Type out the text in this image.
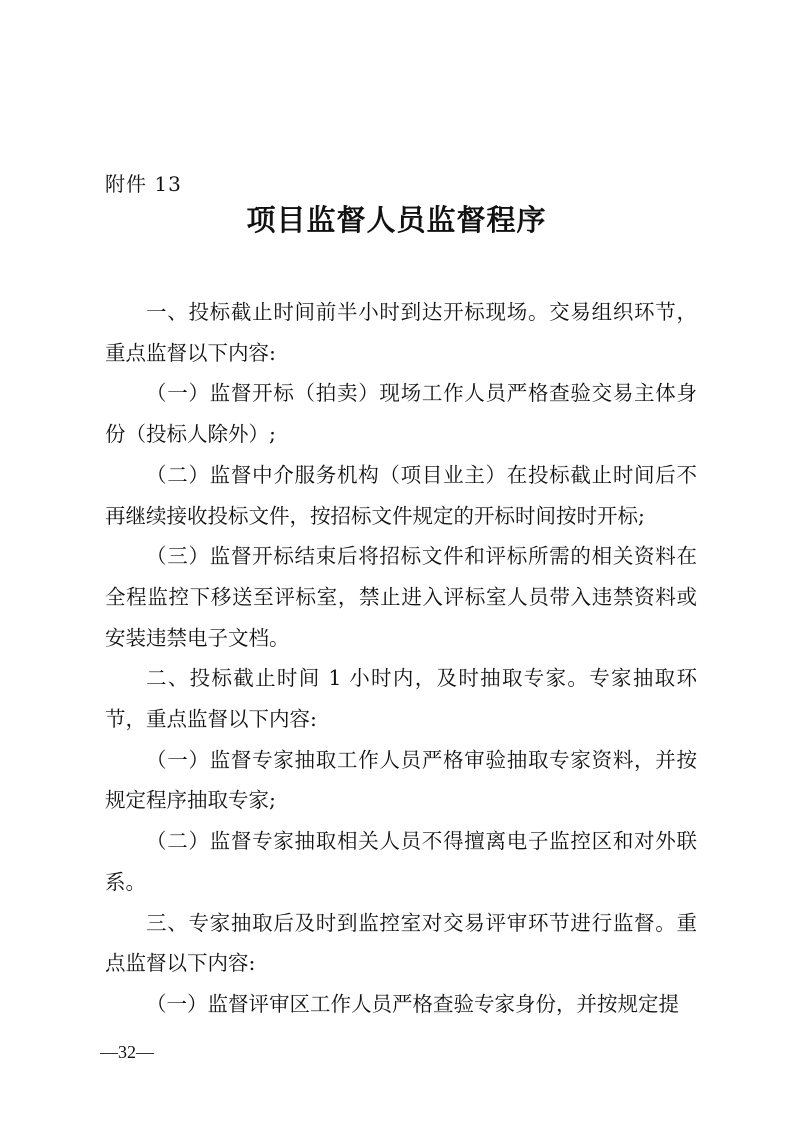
附件 13
项目监督人员监督程序

一、投标截止时间前半小时到达开标现场。交易组织环节，重点监督以下内容:

（一）监督开标（拍卖）现场工作人员严格查验交易主体身份（投标人除外）;

（二）监督中介服务机构（项目业主）在投标截止时间后不再继续接收投标文件，按招标文件规定的开标时间按时开标;

（三）监督开标结束后将招标文件和评标所需的相关资料在全程监控下移送至评标室，禁止进入评标室人员带入违禁资料或安装违禁电子文档。

二、投标截止时间 1 小时内，及时抽取专家。专家抽取环节，重点监督以下内容:

（一）监督专家抽取工作人员严格审验抽取专家资料，并按规定程序抽取专家;

（二）监督专家抽取相关人员不得擅离电子监控区和对外联系。

三、专家抽取后及时到监控室对交易评审环节进行监督。重点监督以下内容:

（一）监督评审区工作人员严格查验专家身份，并按规定提

—32—
